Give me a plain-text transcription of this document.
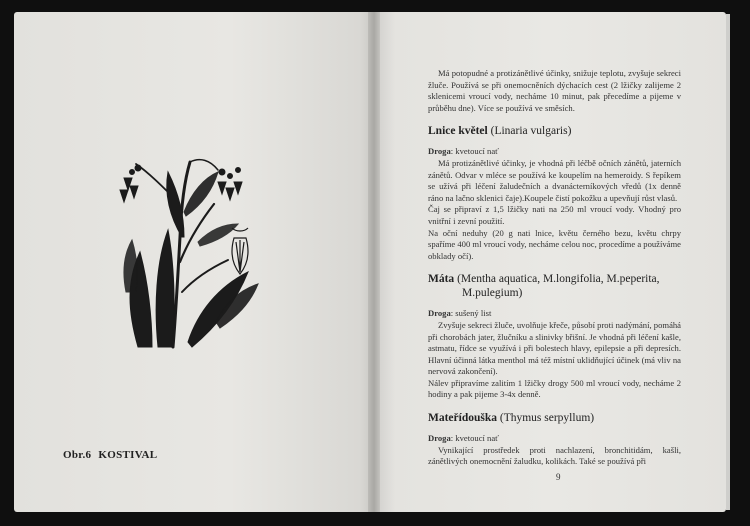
Obr.6 KOSTIVAL

Má potopudné a protizánětlivé účinky, snižuje teplotu, zvyšuje sekreci žluče. Používá se při onemocněních dýchacích cest (2 lžičky zalijeme 2 sklenicemi vroucí vody, necháme 10 minut, pak přecedíme a pijeme v průběhu dne). Více se používá ve směsích.

Lnice květel (Linaria vulgaris)

Droga: kvetoucí nať

Má protizánětlivé účinky, je vhodná při léčbě očních zánětů, jaterních zánětů. Odvar v mléce se používá ke koupelím na hemeroidy. S řepíkem se užívá při léčení žaludečních a dvanácterníkových vředů (1x denně ráno na lačno sklenici čaje).Koupele čistí pokožku a upevňují růst vlasů.

Čaj se připraví z 1,5 lžičky nati na 250 ml vroucí vody. Vhodný pro vnitřní i zevní použití.

Na oční neduhy (20 g nati lnice, květu černého bezu, květu chrpy spaříme 400 ml vroucí vody, necháme celou noc, procedíme a používáme obklady očí).

Máta (Mentha aquatica, M.longifolia, M.peperita,
M.pulegium)

Droga: sušený list

Zvyšuje sekreci žluče, uvolňuje křeče, působí proti nadýmání, pomáhá při chorobách jater, žlučníku a slinivky břišní. Je vhodná při léčení kašle, astmatu, řídce se využívá i při bolestech hlavy, epilepsie a při depresích. Hlavní účinná látka menthol má též místní uklidňující účinek (má vliv na nervová zakončení).

Nálev připravíme zalitím 1 lžičky drogy 500 ml vroucí vody, necháme 2 hodiny a pak pijeme 3-4x denně.

Mateřídouška (Thymus serpyllum)

Droga: kvetoucí nať

Vynikající prostředek proti nachlazení, bronchitidám, kašli, zánětlivých onemocnění žaludku, kolikách. Také se používá při

9
